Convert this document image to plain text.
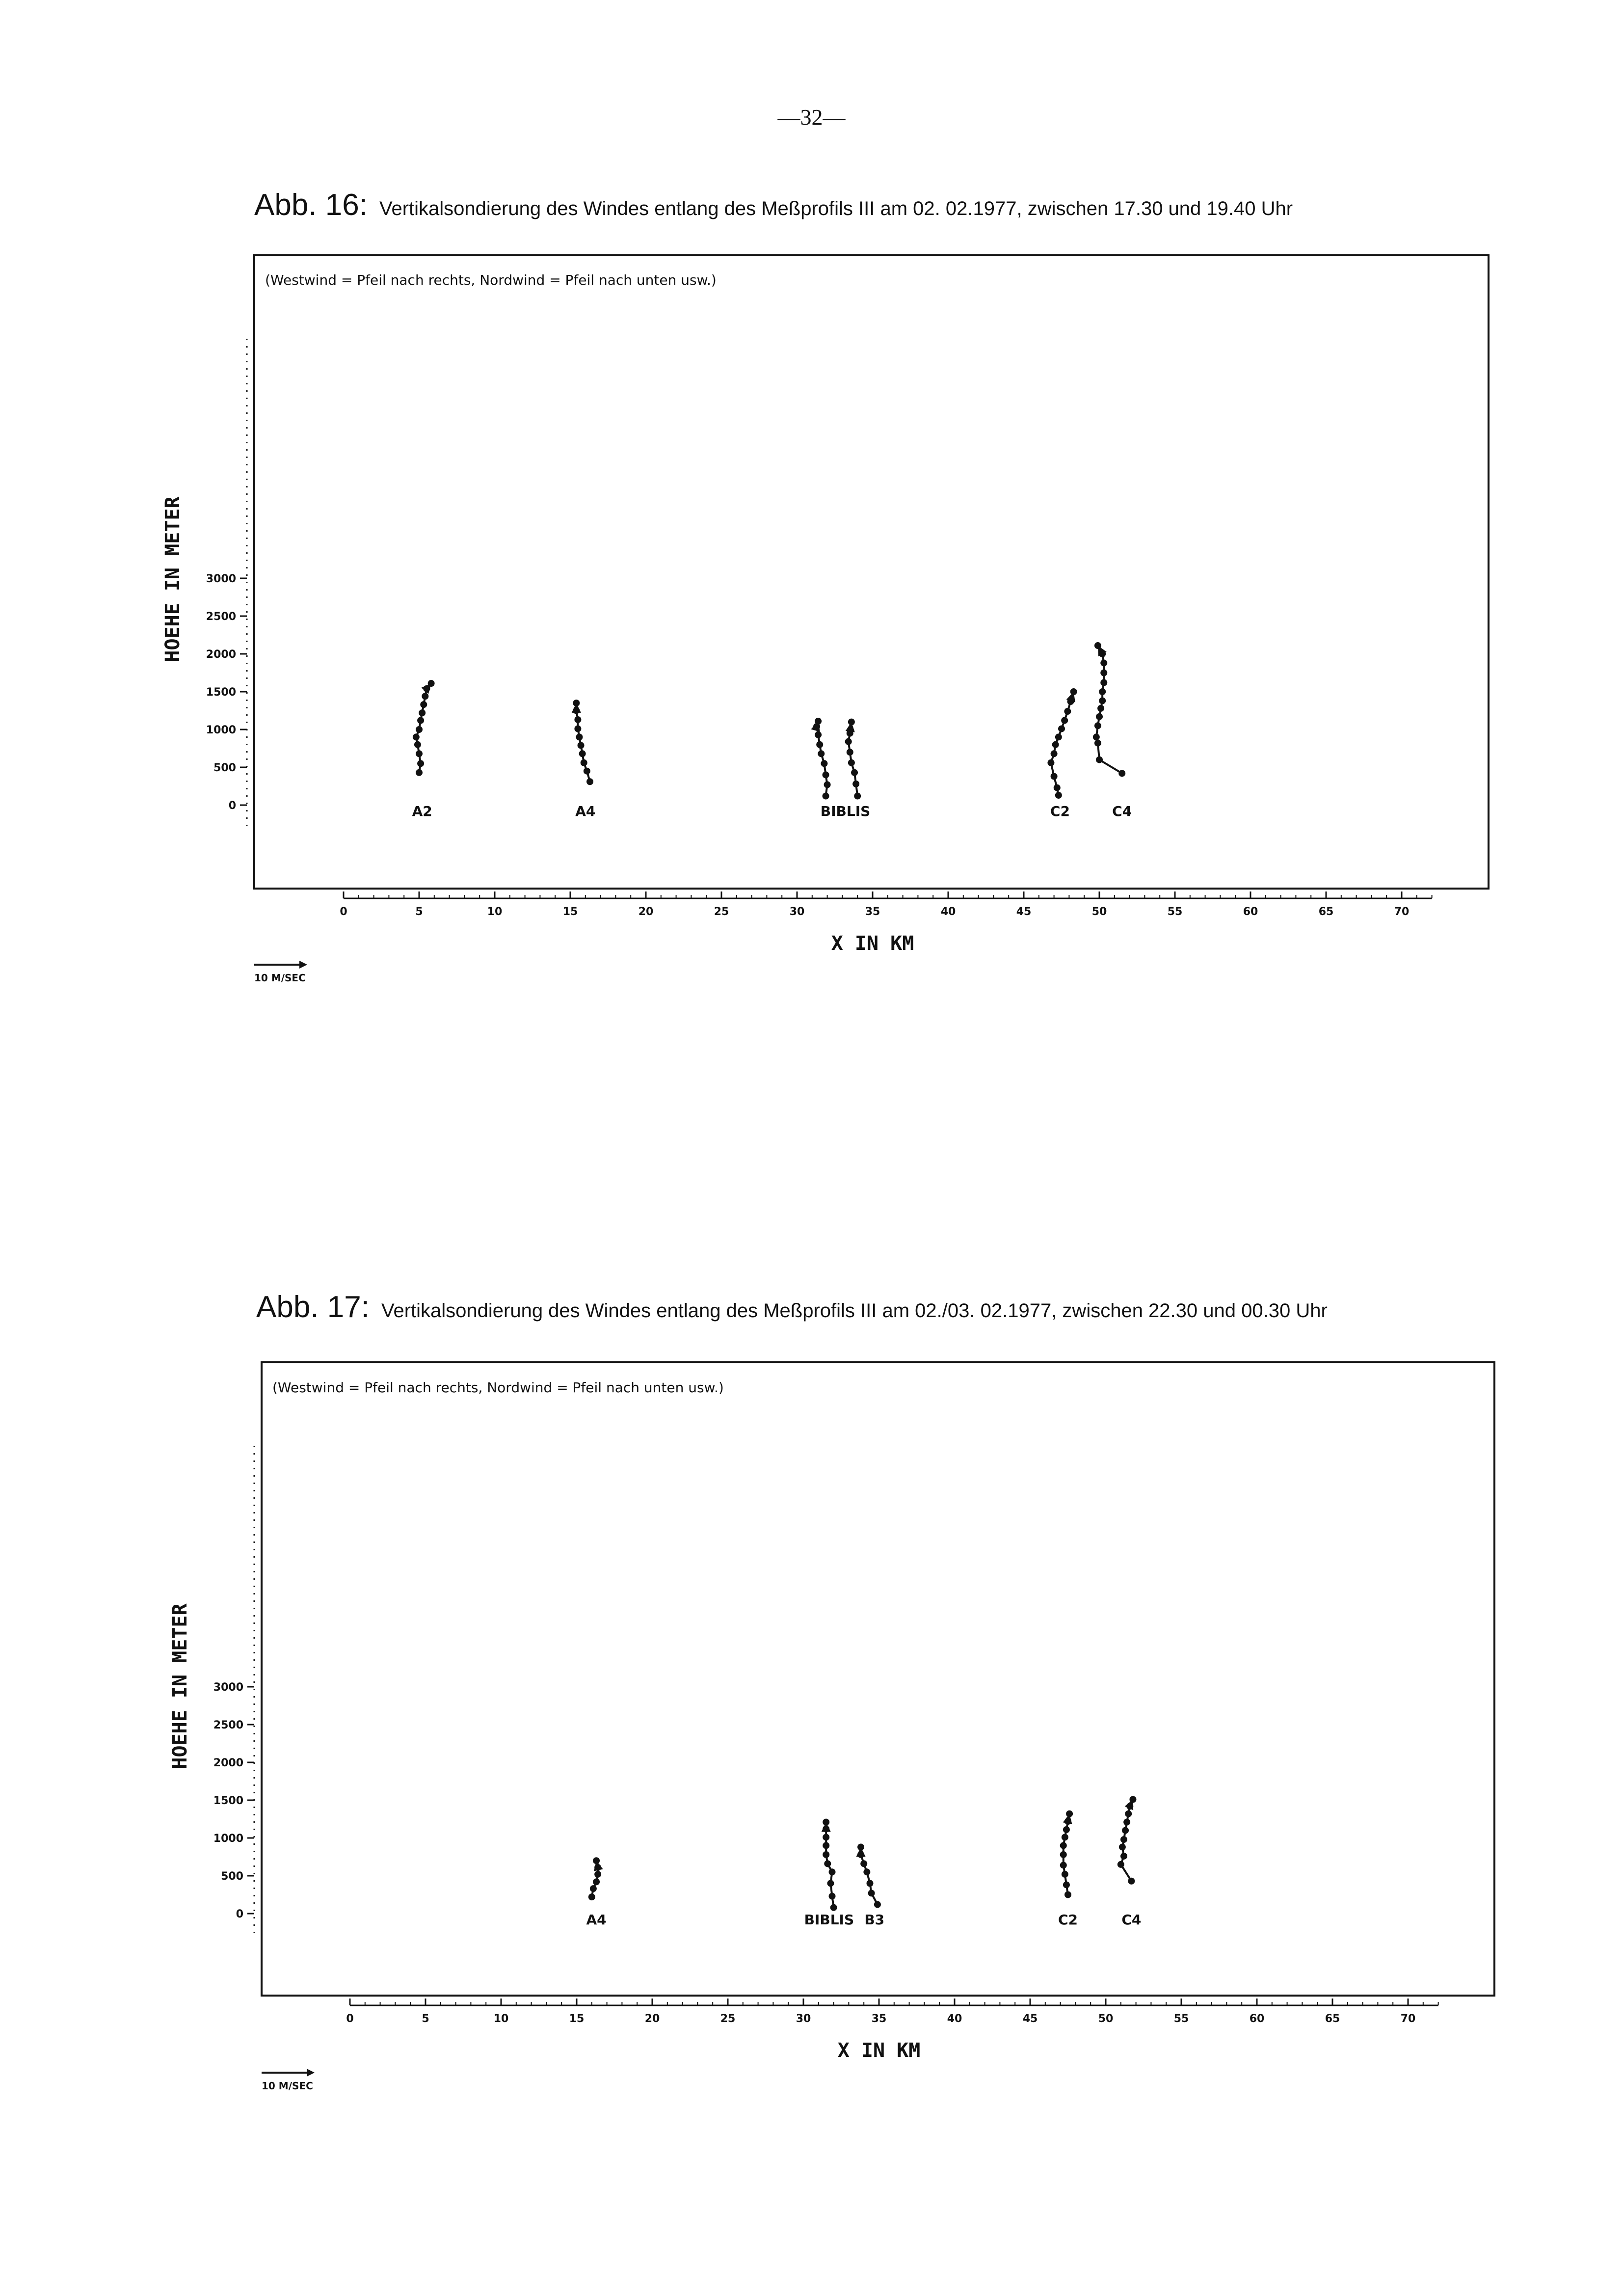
—32—
Abb. 16: Vertikalsondierung des Windes entlang des Meßprofils III am 02. 02.1977, zwischen 17.30 und 19.40 Uhr
Abb. 17: Vertikalsondierung des Windes entlang des Meßprofils III am 02./03. 02.1977, zwischen 22.30 und 00.30 Uhr
(Westwind = Pfeil nach rechts, Nordwind = Pfeil nach unten usw.)
0	5	10	15	20	25	30	35	40	45	50	55	60	65	70
X IN KM
0
500
1000
1500
2000
2500
3000
HOEHE IN METER
A2	A4	BIBLIS	C2	C4
10 M/SEC
(Westwind = Pfeil nach rechts, Nordwind = Pfeil nach unten usw.)
0	5	10	15	20	25	30	35	40	45	50	55	60	65	70
X IN KM
0
500
1000
1500
2000
2500
3000
HOEHE IN METER
A4	BIBLIS B3	C2	C4
10 M/SEC
